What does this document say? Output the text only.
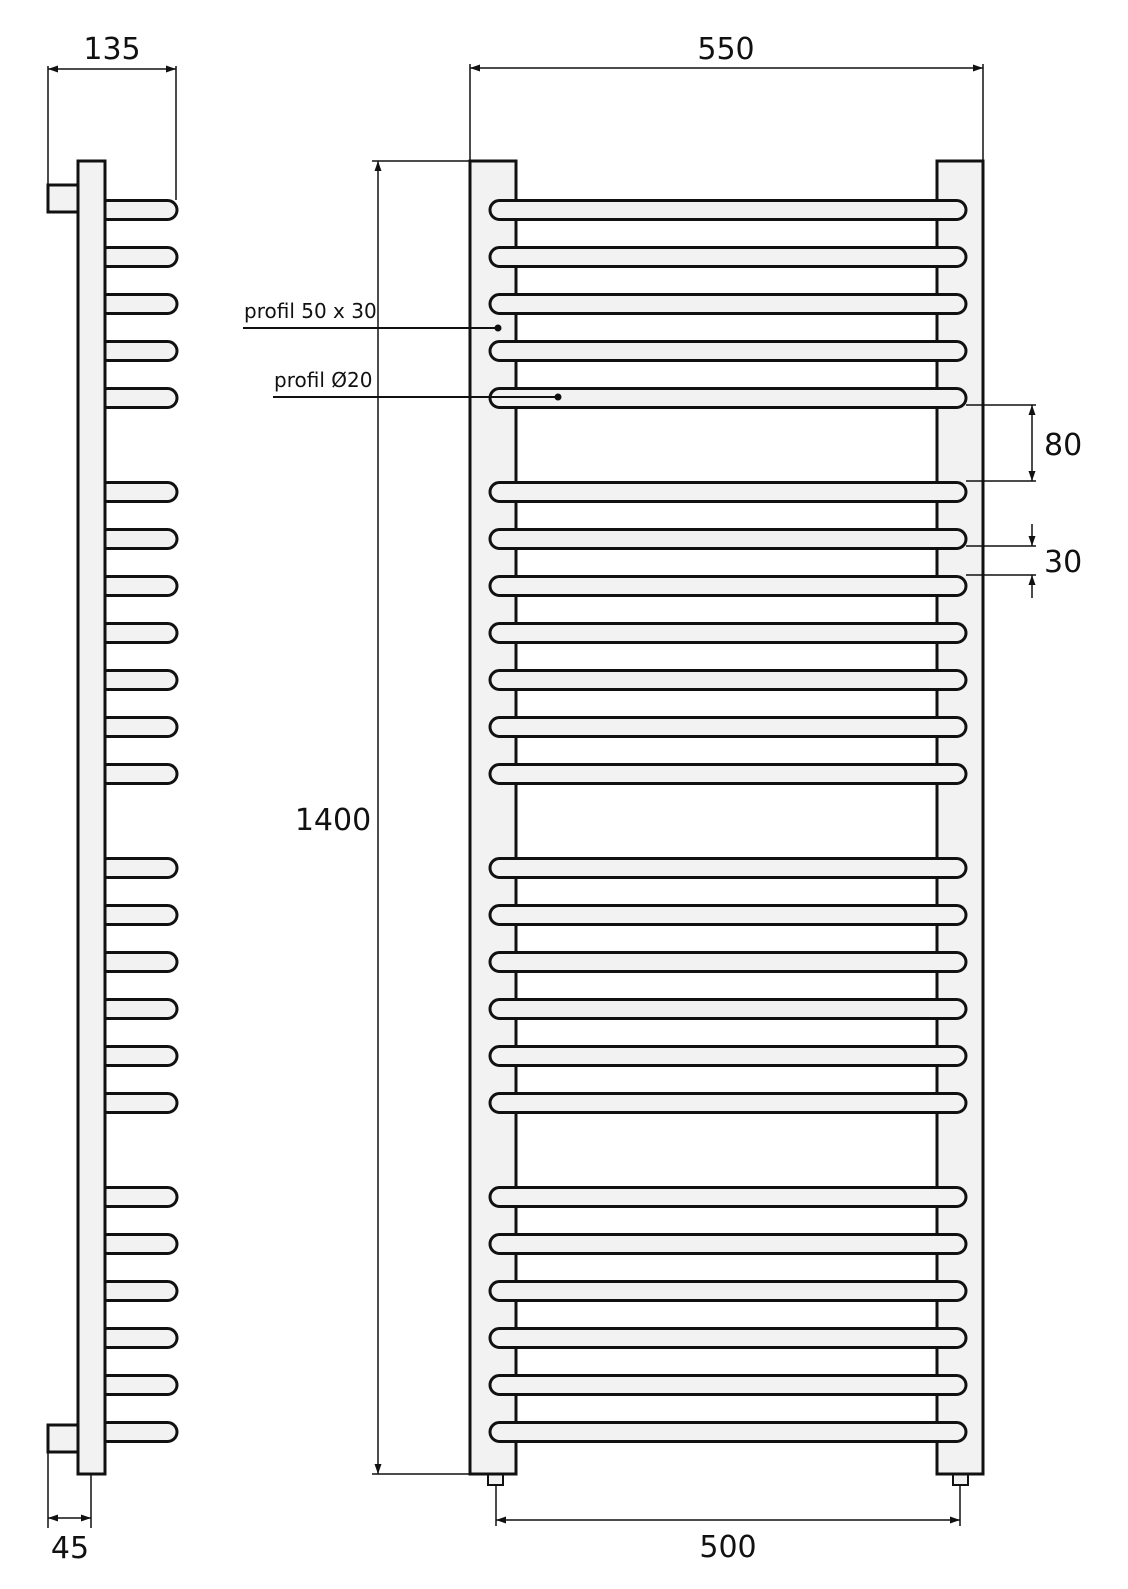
135
45
550
1400
80
30
500
profil 50 x 30
profil Ø20
